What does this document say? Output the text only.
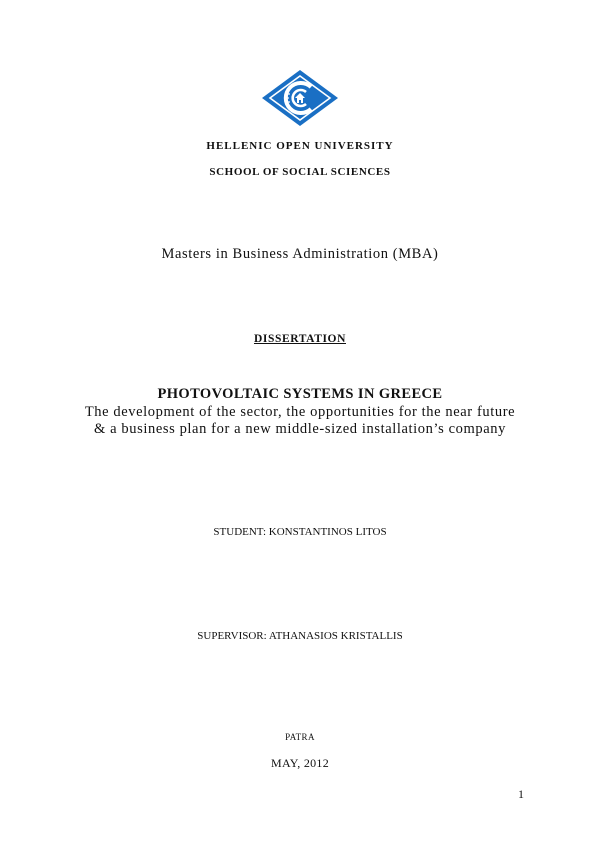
HELLENIC OPEN UNIVERSITY
SCHOOL OF SOCIAL SCIENCES
Masters in Business Administration (MBA)
DISSERTATION
PHOTOVOLTAIC SYSTEMS IN GREECE
The development of the sector, the opportunities for the near future
& a business plan for a new middle-sized installation’s company
STUDENT: KONSTANTINOS LITOS
SUPERVISOR: ATHANASIOS KRISTALLIS
PATRA
MAY, 2012
1
